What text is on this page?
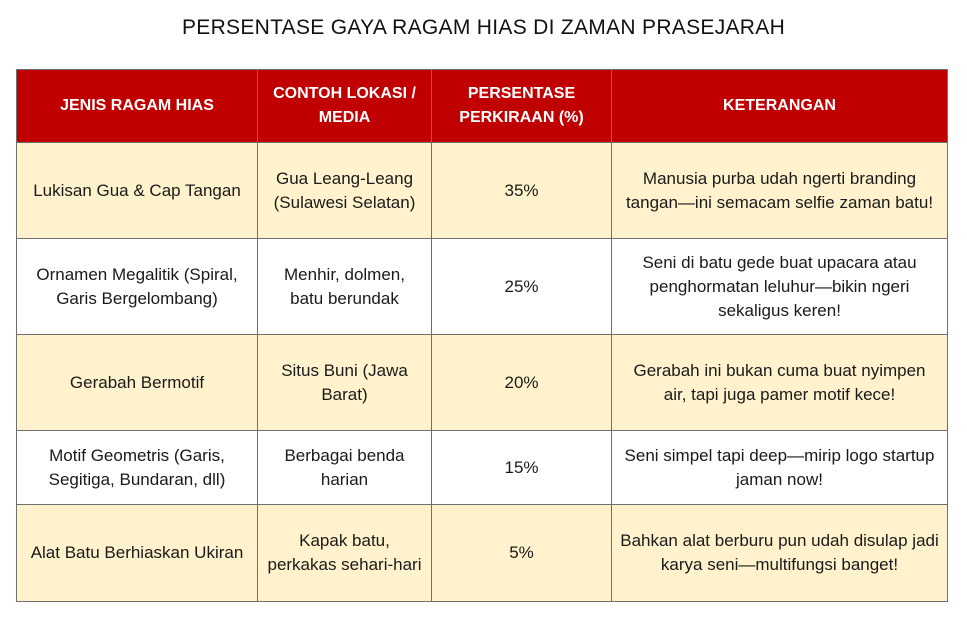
PERSENTASE GAYA RAGAM HIAS DI ZAMAN PRASEJARAH
JENIS RAGAM HIAS	CONTOH LOKASI / MEDIA	PERSENTASE PERKIRAAN (%)	KETERANGAN
Lukisan Gua & Cap Tangan	Gua Leang-Leang (Sulawesi Selatan)	35%	Manusia purba udah ngerti branding tangan—ini semacam selfie zaman batu!
Ornamen Megalitik (Spiral, Garis Bergelombang)	Menhir, dolmen, batu berundak	25%	Seni di batu gede buat upacara atau penghormatan leluhur—bikin ngeri sekaligus keren!
Gerabah Bermotif	Situs Buni (Jawa Barat)	20%	Gerabah ini bukan cuma buat nyimpen air, tapi juga pamer motif kece!
Motif Geometris (Garis, Segitiga, Bundaran, dll)	Berbagai benda harian	15%	Seni simpel tapi deep—mirip logo startup jaman now!
Alat Batu Berhiaskan Ukiran	Kapak batu, perkakas sehari-hari	5%	Bahkan alat berburu pun udah disulap jadi karya seni—multifungsi banget!
